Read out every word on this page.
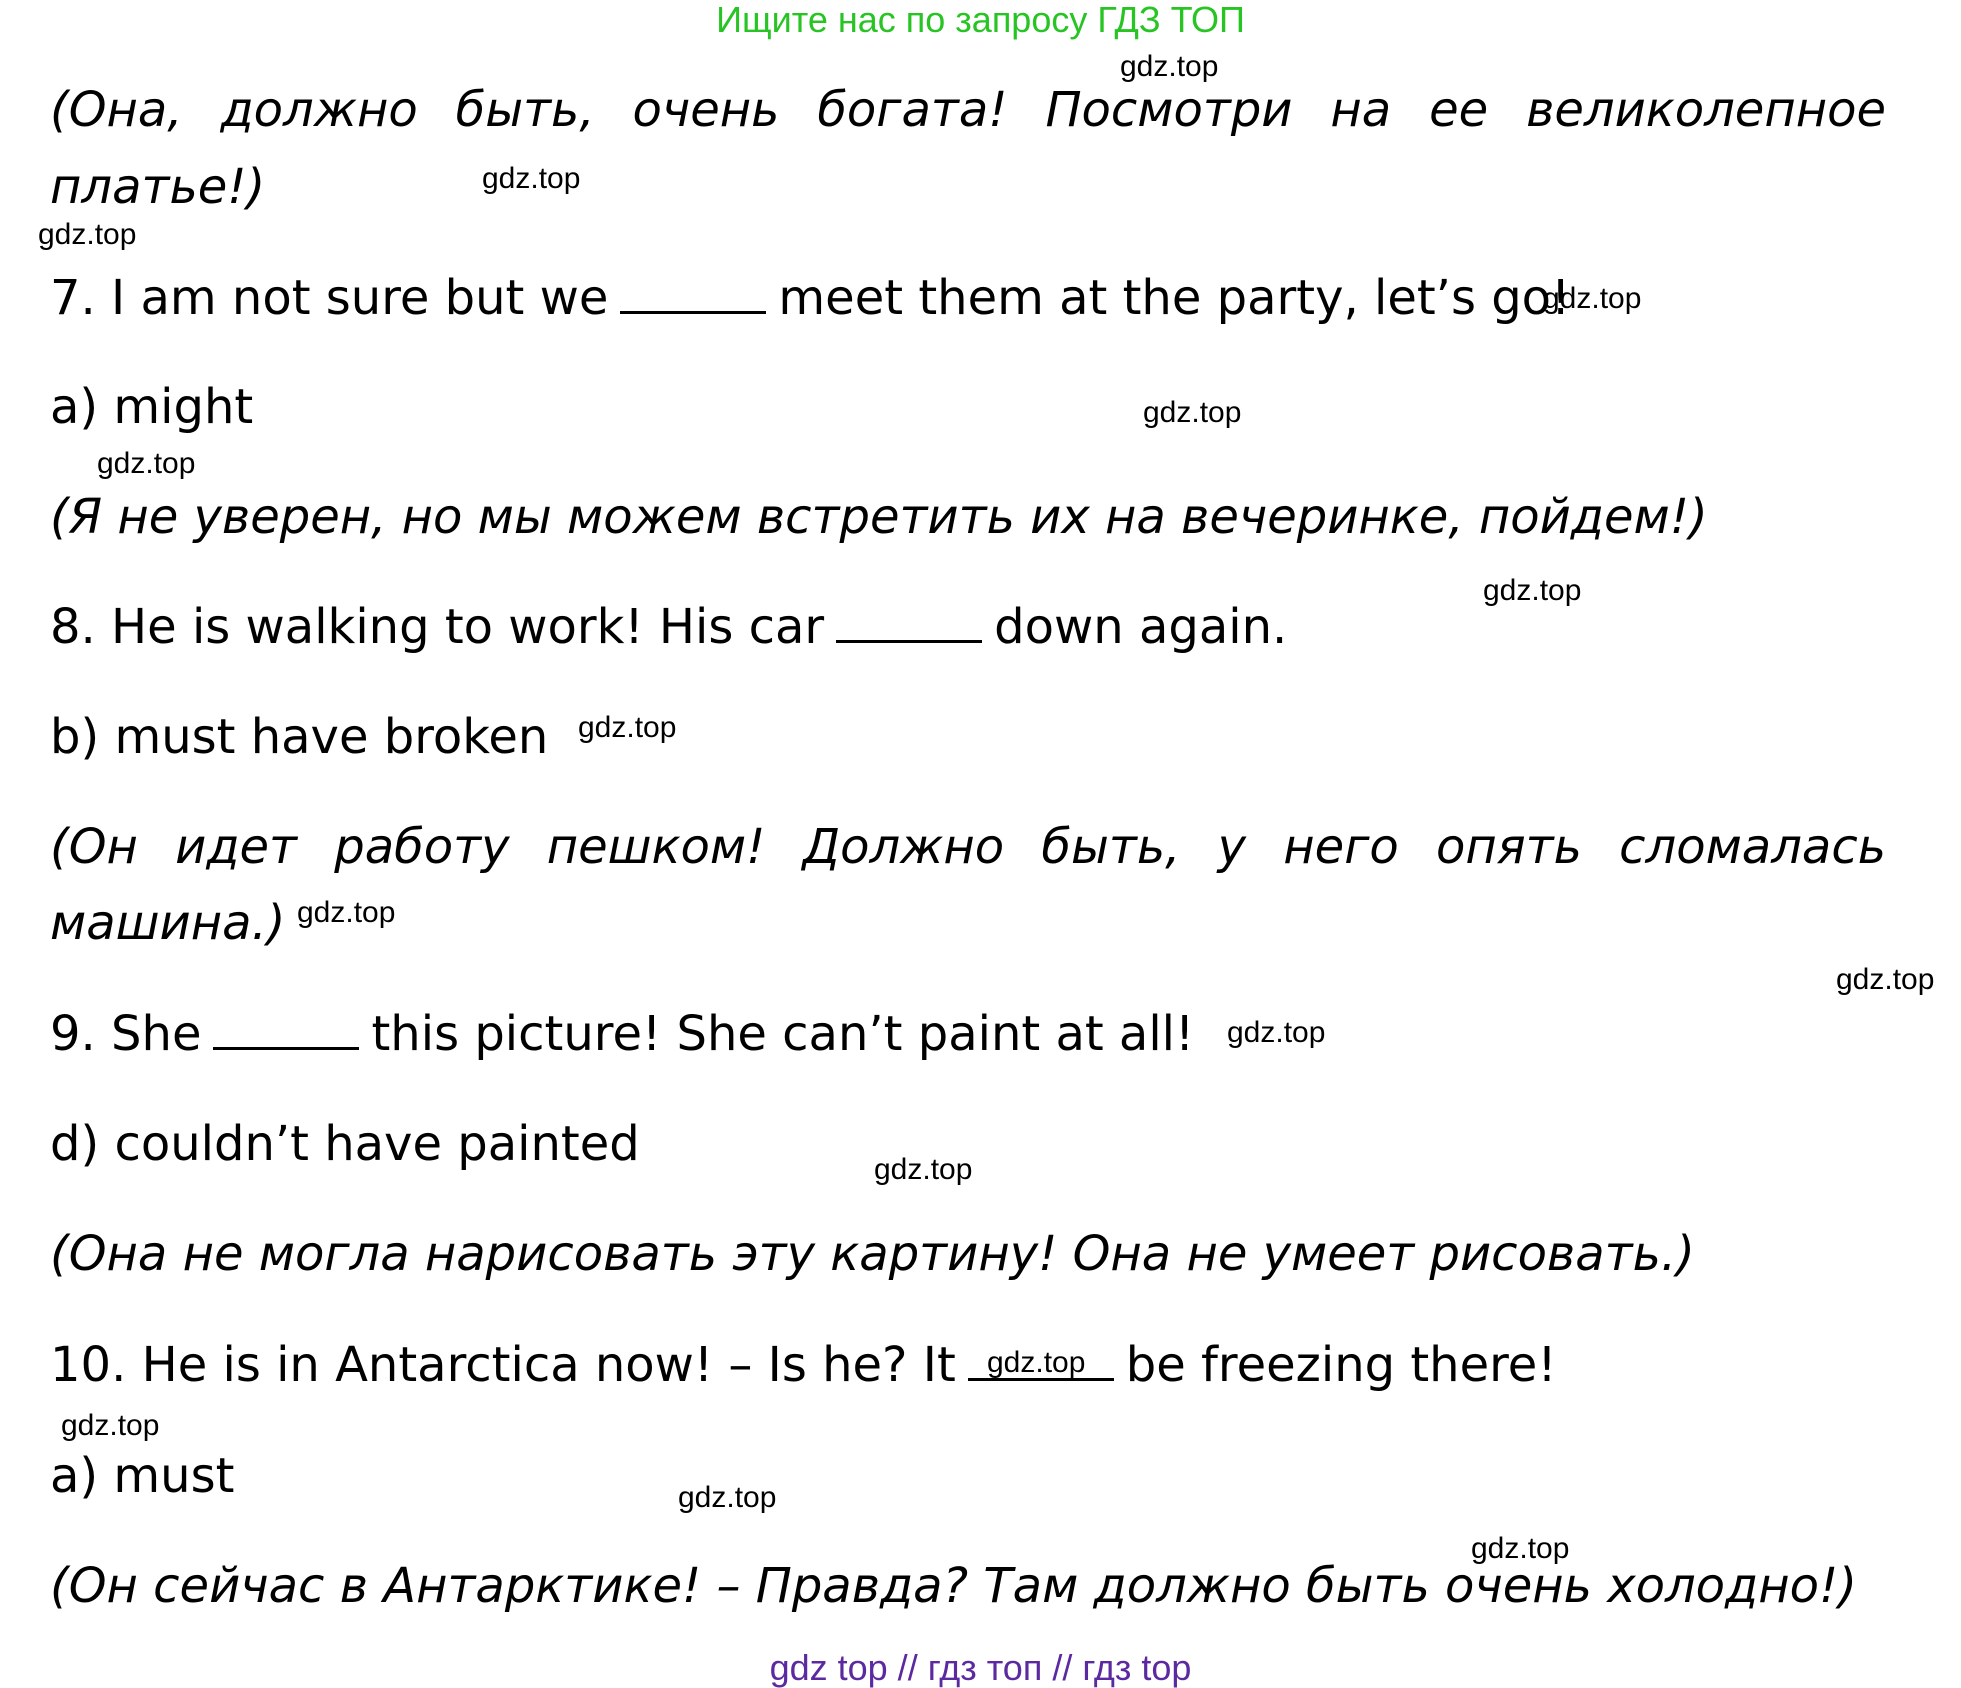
Ищите нас по запросу ГДЗ ТОП
(Она, должно быть, очень богата! Посмотри на ее великолепное
платье!)
7. I am not sure but we	meet them at the party, let’s go!
a) might
(Я не уверен, но мы можем встретить их на вечеринке, пойдем!)
8. He is walking to work! His car	down again.
b) must have broken
(Он идет работу пешком! Должно быть, у него опять сломалась
машина.)
9. She	this picture! She can’t paint at all!
d) couldn’t have painted
(Она не могла нарисовать эту картину! Она не умеет рисовать.)
10. He is in Antarctica now! – Is he? It	be freezing there!
a) must
(Он сейчас в Антарктике! – Правда? Там должно быть очень холодно!)
gdz.top
gdz.top
gdz.top
gdz.top
gdz.top
gdz.top
gdz.top
gdz.top
gdz.top
gdz.top
gdz.top
gdz.top
gdz.top
gdz.top
gdz.top
gdz.top
gdz top // гдз топ // гдз top
